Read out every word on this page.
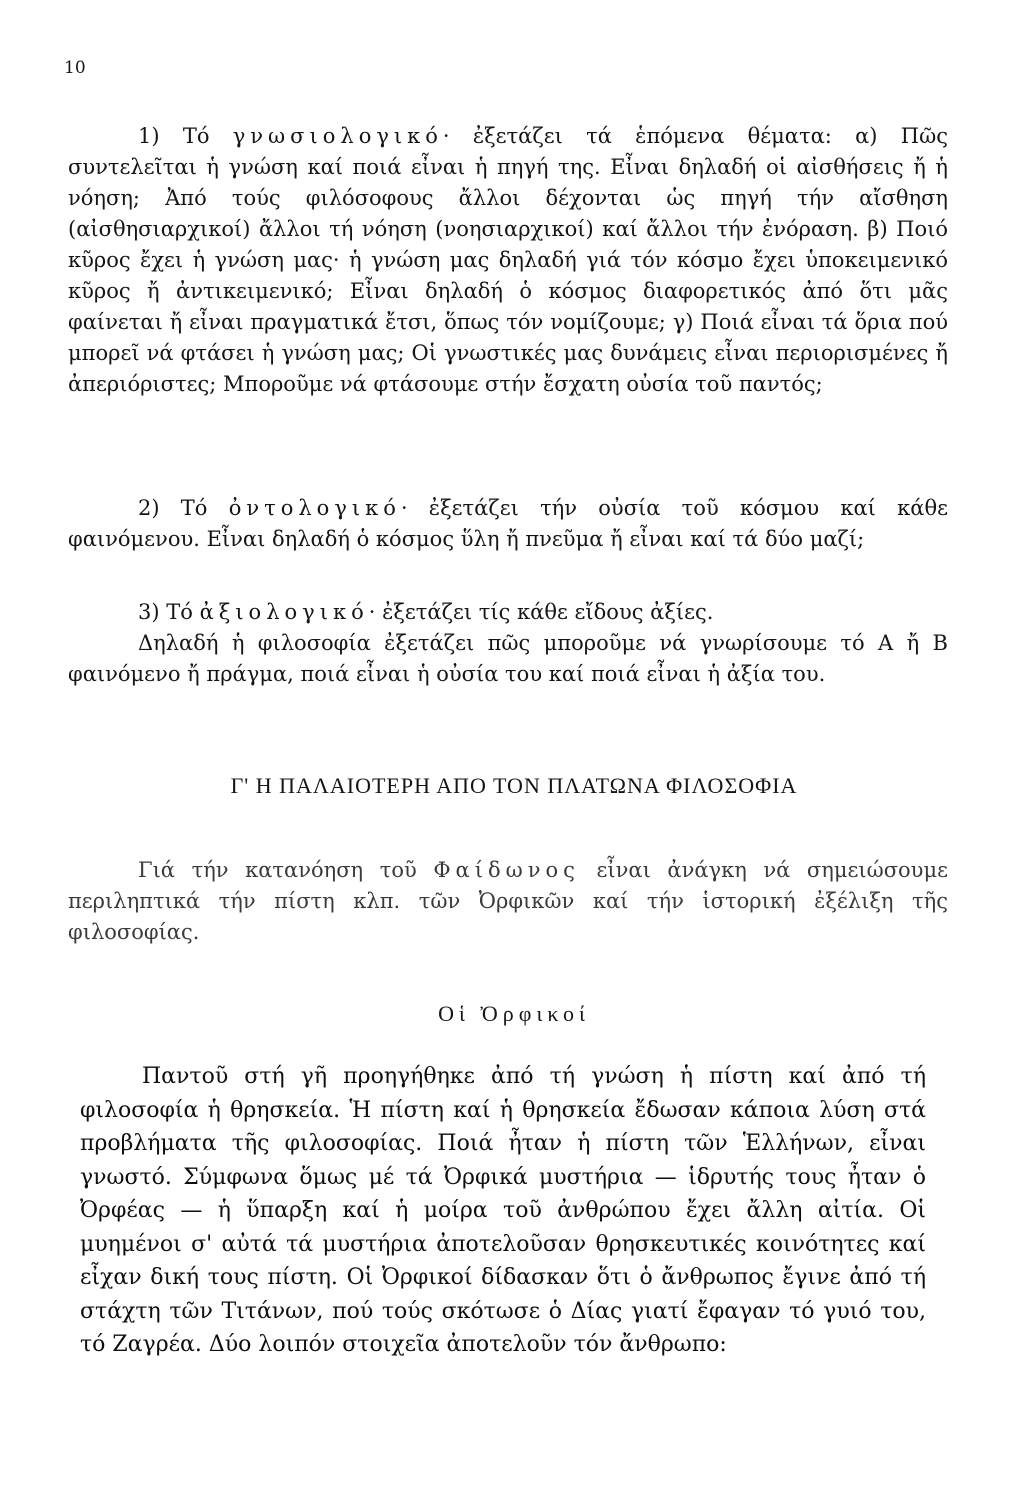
10

1) Τό γνωσιολογικό· ἐξετάζει τά ἑπόμενα θέματα: α) Πῶς συντελεῖται ἡ γνώση καί ποιά εἶναι ἡ πηγή της. Εἶναι δηλαδή οἱ αἰσθήσεις ἤ ἡ νόηση; Ἀπό τούς φιλόσοφους ἄλλοι δέχονται ὡς πηγή τήν αἴσθηση (αἰσθησιαρχικοί) ἄλλοι τή νόηση (νοησιαρχικοί) καί ἄλλοι τήν ἐνόραση. β) Ποιό κῦρος ἔχει ἡ γνώση μας· ἡ γνώση μας δηλαδή γιά τόν κόσμο ἔχει ὑποκειμενικό κῦρος ἤ ἀντικειμενικό; Εἶναι δηλαδή ὁ κόσμος διαφορετικός ἀπό ὅτι μᾶς φαίνεται ἤ εἶναι πραγματικά ἔτσι, ὅπως τόν νομίζουμε; γ) Ποιά εἶναι τά ὅρια πού μπορεῖ νά φτάσει ἡ γνώση μας; Οἱ γνωστικές μας δυνάμεις εἶναι περιορισμένες ἤ ἀπεριόριστες; Μποροῦμε νά φτάσουμε στήν ἔσχατη οὐσία τοῦ παντός;

2) Τό ὀντολογικό· ἐξετάζει τήν οὐσία τοῦ κόσμου καί κάθε φαινόμενου. Εἶναι δηλαδή ὁ κόσμος ὕλη ἤ πνεῦμα ἤ εἶναι καί τά δύο μαζί;

3) Τό ἀξιολογικό· ἐξετάζει τίς κάθε εἴδους ἀξίες.

Δηλαδή ἡ φιλοσοφία ἐξετάζει πῶς μποροῦμε νά γνωρίσουμε τό Α ἤ Β φαινόμενο ἤ πράγμα, ποιά εἶναι ἡ οὐσία του καί ποιά εἶναι ἡ ἀξία του.

Γ' Η ΠΑΛΑΙΟΤΕΡΗ ΑΠΟ ΤΟΝ ΠΛΑΤΩΝΑ ΦΙΛΟΣΟΦΙΑ

Γιά τήν κατανόηση τοῦ Φαίδωνος εἶναι ἀνάγκη νά σημειώσουμε περιληπτικά τήν πίστη κλπ. τῶν Ὀρφικῶν καί τήν ἱστορική ἐξέλιξη τῆς φιλοσοφίας.

Οἱ Ὀρφικοί

Παντοῦ στή γῆ προηγήθηκε ἀπό τή γνώση ἡ πίστη καί ἀπό τή φιλοσοφία ἡ θρησκεία. Ἡ πίστη καί ἡ θρησκεία ἔδωσαν κάποια λύση στά προβλήματα τῆς φιλοσοφίας. Ποιά ἦταν ἡ πίστη τῶν Ἑλλήνων, εἶναι γνωστό. Σύμφωνα ὅμως μέ τά Ὀρφικά μυστήρια — ἱδρυτής τους ἦταν ὁ Ὀρφέας — ἡ ὕπαρξη καί ἡ μοίρα τοῦ ἀνθρώπου ἔχει ἄλλη αἰτία. Οἱ μυημένοι σ' αὐτά τά μυστήρια ἀποτελοῦσαν θρησκευτικές κοινότητες καί εἶχαν δική τους πίστη. Οἱ Ὀρφικοί δίδασκαν ὅτι ὁ ἄνθρωπος ἔγινε ἀπό τή στάχτη τῶν Τιτάνων, πού τούς σκότωσε ὁ Δίας γιατί ἔφαγαν τό γυιό του, τό Ζαγρέα. Δύο λοιπόν στοιχεῖα ἀποτελοῦν τόν ἄνθρωπο:
